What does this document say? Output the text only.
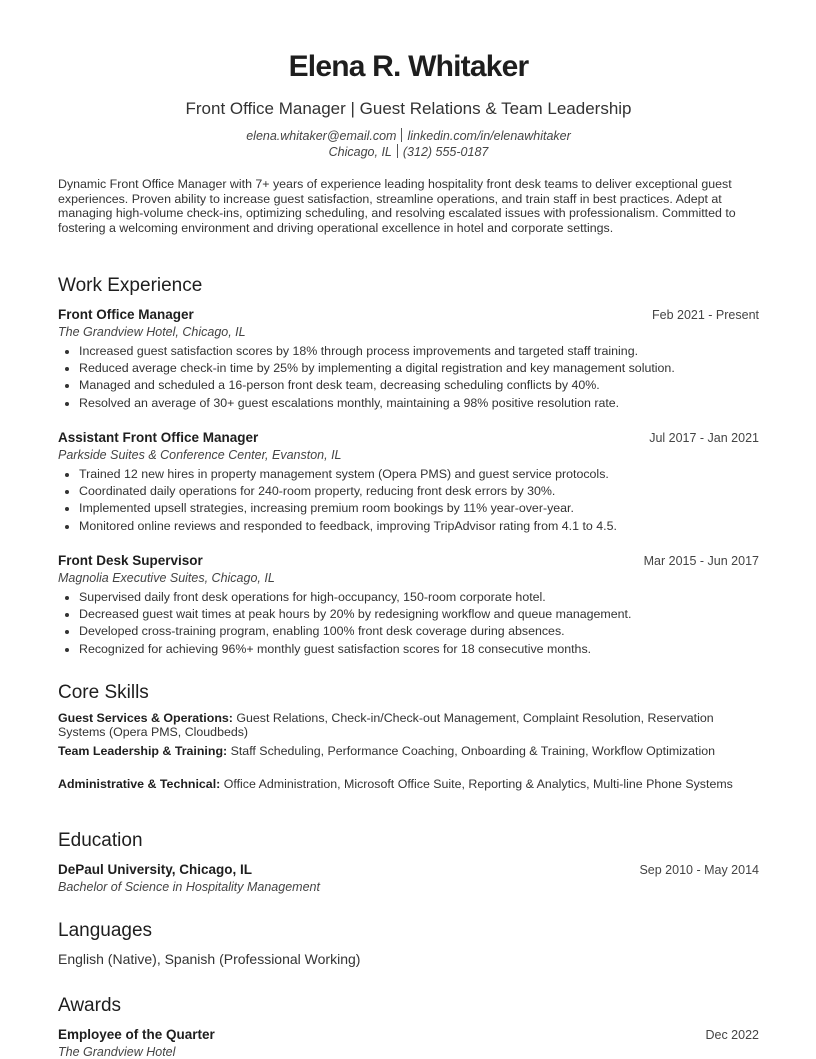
Elena R. Whitaker
Front Office Manager | Guest Relations & Team Leadership
elena.whitaker@email.com linkedin.com/in/elenawhitaker
Chicago, IL (312) 555-0187
Dynamic Front Office Manager with 7+ years of experience leading hospitality front desk teams to deliver exceptional guest experiences. Proven ability to increase guest satisfaction, streamline operations, and train staff in best practices. Adept at managing high-volume check-ins, optimizing scheduling, and resolving escalated issues with professionalism. Committed to fostering a welcoming environment and driving operational excellence in hotel and corporate settings.
Work Experience
Front Office Manager	Feb 2021 - Present
The Grandview Hotel, Chicago, IL
• Increased guest satisfaction scores by 18% through process improvements and targeted staff training.
• Reduced average check-in time by 25% by implementing a digital registration and key management solution.
• Managed and scheduled a 16-person front desk team, decreasing scheduling conflicts by 40%.
• Resolved an average of 30+ guest escalations monthly, maintaining a 98% positive resolution rate.
Assistant Front Office Manager	Jul 2017 - Jan 2021
Parkside Suites & Conference Center, Evanston, IL
• Trained 12 new hires in property management system (Opera PMS) and guest service protocols.
• Coordinated daily operations for 240-room property, reducing front desk errors by 30%.
• Implemented upsell strategies, increasing premium room bookings by 11% year-over-year.
• Monitored online reviews and responded to feedback, improving TripAdvisor rating from 4.1 to 4.5.
Front Desk Supervisor	Mar 2015 - Jun 2017
Magnolia Executive Suites, Chicago, IL
• Supervised daily front desk operations for high-occupancy, 150-room corporate hotel.
• Decreased guest wait times at peak hours by 20% by redesigning workflow and queue management.
• Developed cross-training program, enabling 100% front desk coverage during absences.
• Recognized for achieving 96%+ monthly guest satisfaction scores for 18 consecutive months.
Core Skills
Guest Services & Operations: Guest Relations, Check-in/Check-out Management, Complaint Resolution, Reservation Systems (Opera PMS, Cloudbeds)
Team Leadership & Training: Staff Scheduling, Performance Coaching, Onboarding & Training, Workflow Optimization
Administrative & Technical: Office Administration, Microsoft Office Suite, Reporting & Analytics, Multi-line Phone Systems
Education
DePaul University, Chicago, IL	Sep 2010 - May 2014
Bachelor of Science in Hospitality Management
Languages
English (Native), Spanish (Professional Working)
Awards
Employee of the Quarter	Dec 2022
The Grandview Hotel
